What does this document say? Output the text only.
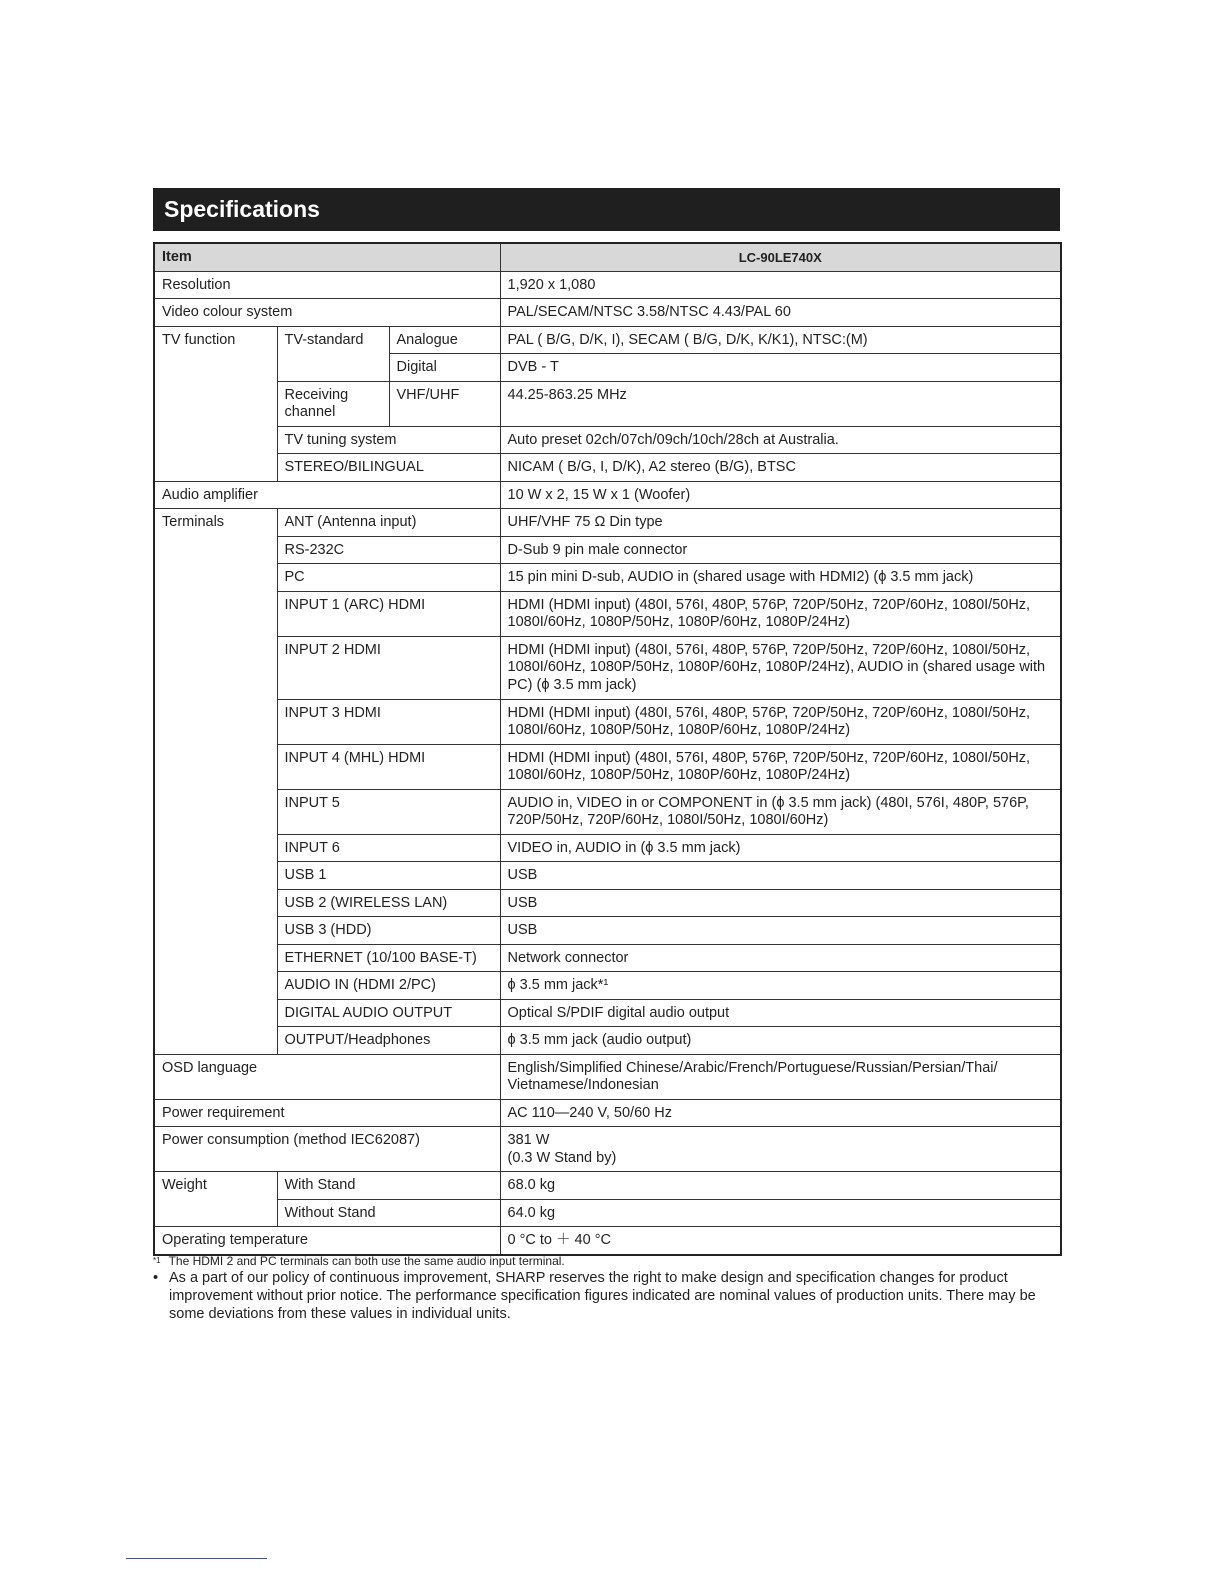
Specifications
Item			LC-90LE740X
Resolution			1,920 x 1,080
Video colour system			PAL/SECAM/NTSC 3.58/NTSC 4.43/PAL 60
TV function	TV-standard	Analogue	PAL ( B/G, D/K, I), SECAM ( B/G, D/K, K/K1), NTSC:(M)
		Digital	DVB - T
	Receiving channel	VHF/UHF	44.25-863.25 MHz
	TV tuning system		Auto preset 02ch/07ch/09ch/10ch/28ch at Australia.
	STEREO/BILINGUAL		NICAM ( B/G, I, D/K), A2 stereo (B/G), BTSC
Audio amplifier			10 W x 2, 15 W x 1 (Woofer)
Terminals	ANT (Antenna input)		UHF/VHF 75 Ω Din type
	RS-232C		D-Sub 9 pin male connector
	PC		15 pin mini D-sub, AUDIO in (shared usage with HDMI2) (ϕ 3.5 mm jack)
	INPUT 1 (ARC) HDMI		HDMI (HDMI input) (480I, 576I, 480P, 576P, 720P/50Hz, 720P/60Hz, 1080I/50Hz, 1080I/60Hz, 1080P/50Hz, 1080P/60Hz, 1080P/24Hz)
	INPUT 2 HDMI		HDMI (HDMI input) (480I, 576I, 480P, 576P, 720P/50Hz, 720P/60Hz, 1080I/50Hz, 1080I/60Hz, 1080P/50Hz, 1080P/60Hz, 1080P/24Hz), AUDIO in (shared usage with PC) (ϕ 3.5 mm jack)
	INPUT 3 HDMI		HDMI (HDMI input) (480I, 576I, 480P, 576P, 720P/50Hz, 720P/60Hz, 1080I/50Hz, 1080I/60Hz, 1080P/50Hz, 1080P/60Hz, 1080P/24Hz)
	INPUT 4 (MHL) HDMI		HDMI (HDMI input) (480I, 576I, 480P, 576P, 720P/50Hz, 720P/60Hz, 1080I/50Hz, 1080I/60Hz, 1080P/50Hz, 1080P/60Hz, 1080P/24Hz)
	INPUT 5		AUDIO in, VIDEO in or COMPONENT in (ϕ 3.5 mm jack) (480I, 576I, 480P, 576P, 720P/50Hz, 720P/60Hz, 1080I/50Hz, 1080I/60Hz)
	INPUT 6		VIDEO in, AUDIO in (ϕ 3.5 mm jack)
	USB 1		USB
	USB 2 (WIRELESS LAN)		USB
	USB 3 (HDD)		USB
	ETHERNET (10/100 BASE-T)		Network connector
	AUDIO IN (HDMI 2/PC)		ϕ 3.5 mm jack*¹
	DIGITAL AUDIO OUTPUT		Optical S/PDIF digital audio output
	OUTPUT/Headphones		ϕ 3.5 mm jack (audio output)
OSD language			English/Simplified Chinese/Arabic/French/Portuguese/Russian/Persian/Thai/ Vietnamese/Indonesian
Power requirement			AC 110—240 V, 50/60 Hz
Power consumption (method IEC62087)			381 W
(0.3 W Stand by)

Weight	With Stand		68.0 kg
	Without Stand		64.0 kg
Operating temperature			0 °C to ＋ 40 °C
$^{*1}$ The HDMI 2 and PC terminals can both use the same audio input terminal.
• As a part of our policy of continuous improvement, SHARP reserves the right to make design and specification changes for product improvement without prior notice. The performance specification figures indicated are nominal values of production units. There may be some deviations from these values in individual units.
